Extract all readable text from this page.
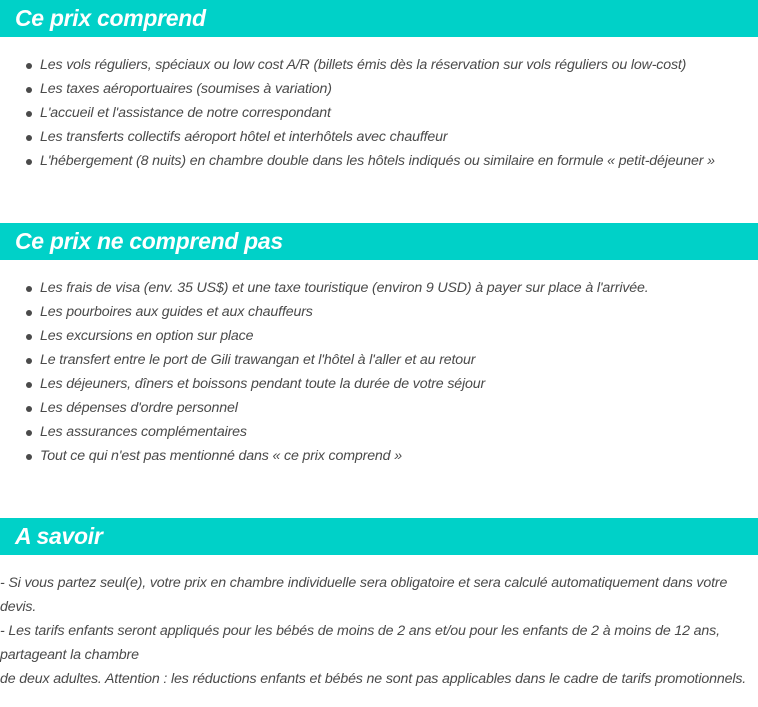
Ce prix comprend
Les vols réguliers, spéciaux ou low cost A/R (billets émis dès la réservation sur vols réguliers ou low-cost)
Les taxes aéroportuaires (soumises à variation)
L'accueil et l'assistance de notre correspondant
Les transferts collectifs aéroport hôtel et interhôtels avec chauffeur
L'hébergement (8 nuits) en chambre double dans les hôtels indiqués ou similaire en formule « petit-déjeuner »
Ce prix ne comprend pas
Les frais de visa (env. 35 US$) et une taxe touristique (environ 9 USD) à payer sur place à l'arrivée.
Les pourboires aux guides et aux chauffeurs
Les excursions en option sur place
Le transfert entre le port de Gili trawangan et l'hôtel à l'aller et au retour
Les déjeuners, dîners et boissons pendant toute la durée de votre séjour
Les dépenses d'ordre personnel
Les assurances complémentaires
Tout ce qui n'est pas mentionné dans « ce prix comprend »
A savoir

- Si vous partez seul(e), votre prix en chambre individuelle sera obligatoire et sera calculé automatiquement dans votre

devis.

- Les tarifs enfants seront appliqués pour les bébés de moins de 2 ans et/ou pour les enfants de 2 à moins de 12 ans,

partageant la chambre

de deux adultes. Attention : les réductions enfants et bébés ne sont pas applicables dans le cadre de tarifs promotionnels.
